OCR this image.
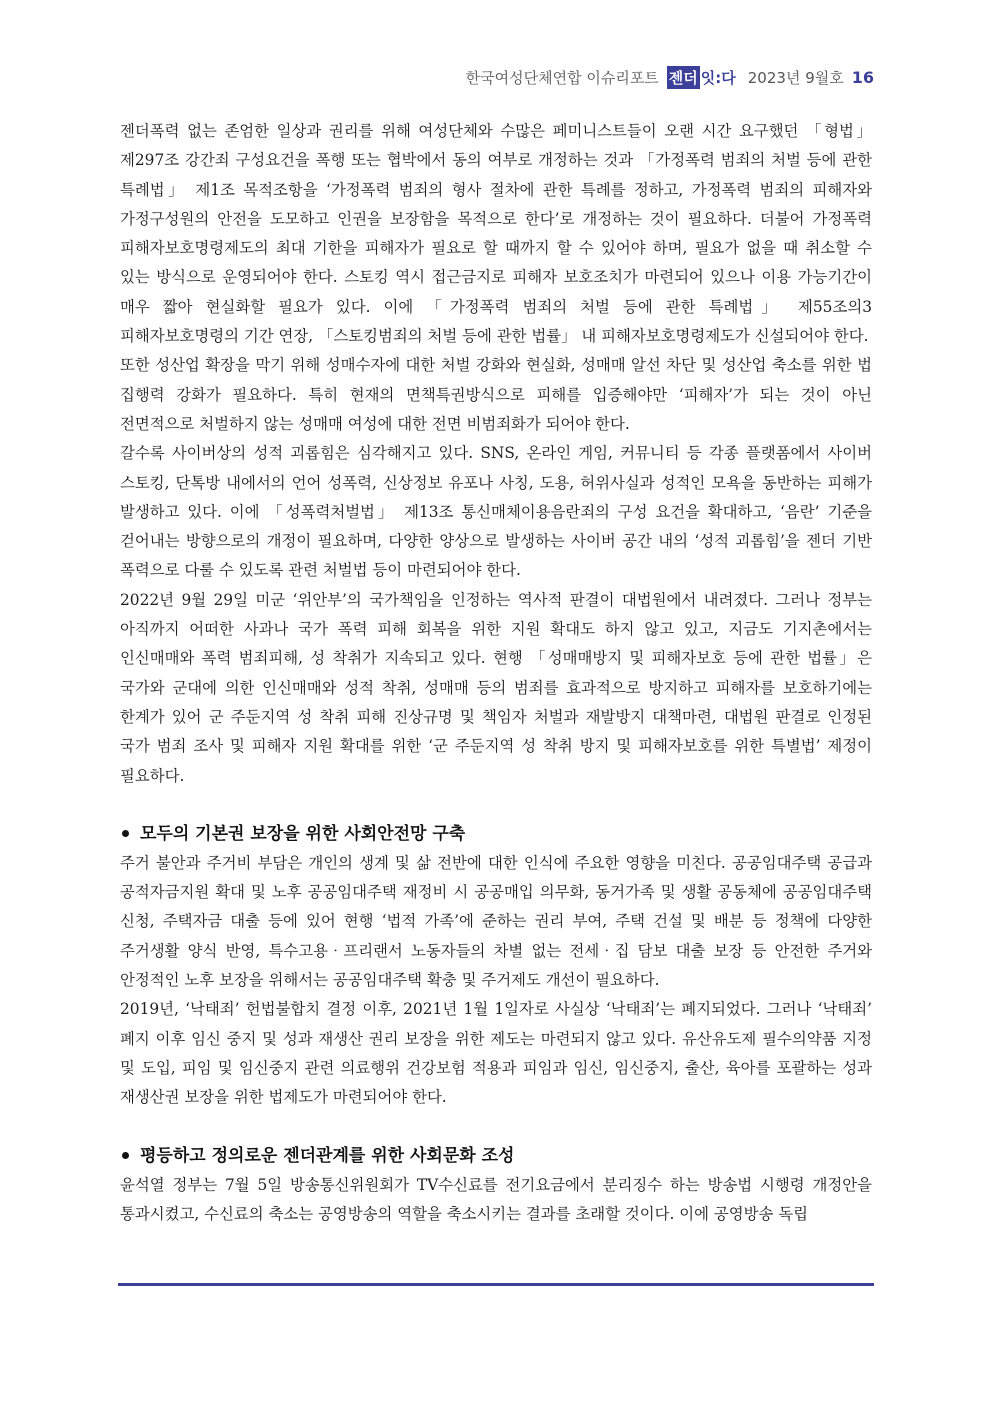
한국여성단체연합 이슈리포트 젠더 잇:다 2023년 9월호 16

젠더폭력 없는 존엄한 일상과 권리를 위해 여성단체와 수많은 페미니스트들이 오랜 시간 요구했던 「형법」 제297조 강간죄 구성요건을 폭행 또는 협박에서 동의 여부로 개정하는 것과 「가정폭력 범죄의 처벌 등에 관한 특례법」 제1조 목적조항을 ‘가정폭력 범죄의 형사 절차에 관한 특례를 정하고, 가정폭력 범죄의 피해자와 가정구성원의 안전을 도모하고 인권을 보장함을 목적으로 한다’로 개정하는 것이 필요하다. 더불어 가정폭력 피해자보호명령제도의 최대 기한을 피해자가 필요로 할 때까지 할 수 있어야 하며, 필요가 없을 때 취소할 수 있는 방식으로 운영되어야 한다. 스토킹 역시 접근금지로 피해자 보호조치가 마련되어 있으나 이용 가능기간이 매우 짧아 현실화할 필요가 있다. 이에 「가정폭력 범죄의 처벌 등에 관한 특례법」 제55조의3 피해자보호명령의 기간 연장, 「스토킹범죄의 처벌 등에 관한 법률」 내 피해자보호명령제도가 신설되어야 한다.

또한 성산업 확장을 막기 위해 성매수자에 대한 처벌 강화와 현실화, 성매매 알선 차단 및 성산업 축소를 위한 법 집행력 강화가 필요하다. 특히 현재의 면책특권방식으로 피해를 입증해야만 ‘피해자’가 되는 것이 아닌 전면적으로 처벌하지 않는 성매매 여성에 대한 전면 비범죄화가 되어야 한다.

갈수록 사이버상의 성적 괴롭힘은 심각해지고 있다. SNS, 온라인 게임, 커뮤니티 등 각종 플랫폼에서 사이버 스토킹, 단톡방 내에서의 언어 성폭력, 신상정보 유포나 사칭, 도용, 허위사실과 성적인 모욕을 동반하는 피해가 발생하고 있다. 이에 「성폭력처벌법」 제13조 통신매체이용음란죄의 구성 요건을 확대하고, ‘음란’ 기준을 걷어내는 방향으로의 개정이 필요하며, 다양한 양상으로 발생하는 사이버 공간 내의 ‘성적 괴롭힘’을 젠더 기반 폭력으로 다룰 수 있도록 관련 처벌법 등이 마련되어야 한다.

2022년 9월 29일 미군 ‘위안부’의 국가책임을 인정하는 역사적 판결이 대법원에서 내려졌다. 그러나 정부는 아직까지 어떠한 사과나 국가 폭력 피해 회복을 위한 지원 확대도 하지 않고 있고, 지금도 기지촌에서는 인신매매와 폭력 범죄피해, 성 착취가 지속되고 있다. 현행 「성매매방지 및 피해자보호 등에 관한 법률」은 국가와 군대에 의한 인신매매와 성적 착취, 성매매 등의 범죄를 효과적으로 방지하고 피해자를 보호하기에는 한계가 있어 군 주둔지역 성 착취 피해 진상규명 및 책임자 처벌과 재발방지 대책마련, 대법원 판결로 인정된 국가 범죄 조사 및 피해자 지원 확대를 위한 ‘군 주둔지역 성 착취 방지 및 피해자보호를 위한 특별법’ 제정이 필요하다.

모두의 기본권 보장을 위한 사회안전망 구축

주거 불안과 주거비 부담은 개인의 생계 및 삶 전반에 대한 인식에 주요한 영향을 미친다. 공공임대주택 공급과 공적자금지원 확대 및 노후 공공임대주택 재정비 시 공공매입 의무화, 동거가족 및 생활 공동체에 공공임대주택 신청, 주택자금 대출 등에 있어 현행 ‘법적 가족’에 준하는 권리 부여, 주택 건설 및 배분 등 정책에 다양한 주거생활 양식 반영, 특수고용‧프리랜서 노동자들의 차별 없는 전세‧집 담보 대출 보장 등 안전한 주거와 안정적인 노후 보장을 위해서는 공공임대주택 확충 및 주거제도 개선이 필요하다.

2019년, ‘낙태죄’ 헌법불합치 결정 이후, 2021년 1월 1일자로 사실상 ‘낙태죄’는 폐지되었다. 그러나 ‘낙태죄’ 폐지 이후 임신 중지 및 성과 재생산 권리 보장을 위한 제도는 마련되지 않고 있다. 유산유도제 필수의약품 지정 및 도입, 피임 및 임신중지 관련 의료행위 건강보험 적용과 피임과 임신, 임신중지, 출산, 육아를 포괄하는 성과 재생산권 보장을 위한 법제도가 마련되어야 한다.

평등하고 정의로운 젠더관계를 위한 사회문화 조성

윤석열 정부는 7월 5일 방송통신위원회가 TV수신료를 전기요금에서 분리징수 하는 방송법 시행령 개정안을 통과시켰고, 수신료의 축소는 공영방송의 역할을 축소시키는 결과를 초래할 것이다. 이에 공영방송 독립
